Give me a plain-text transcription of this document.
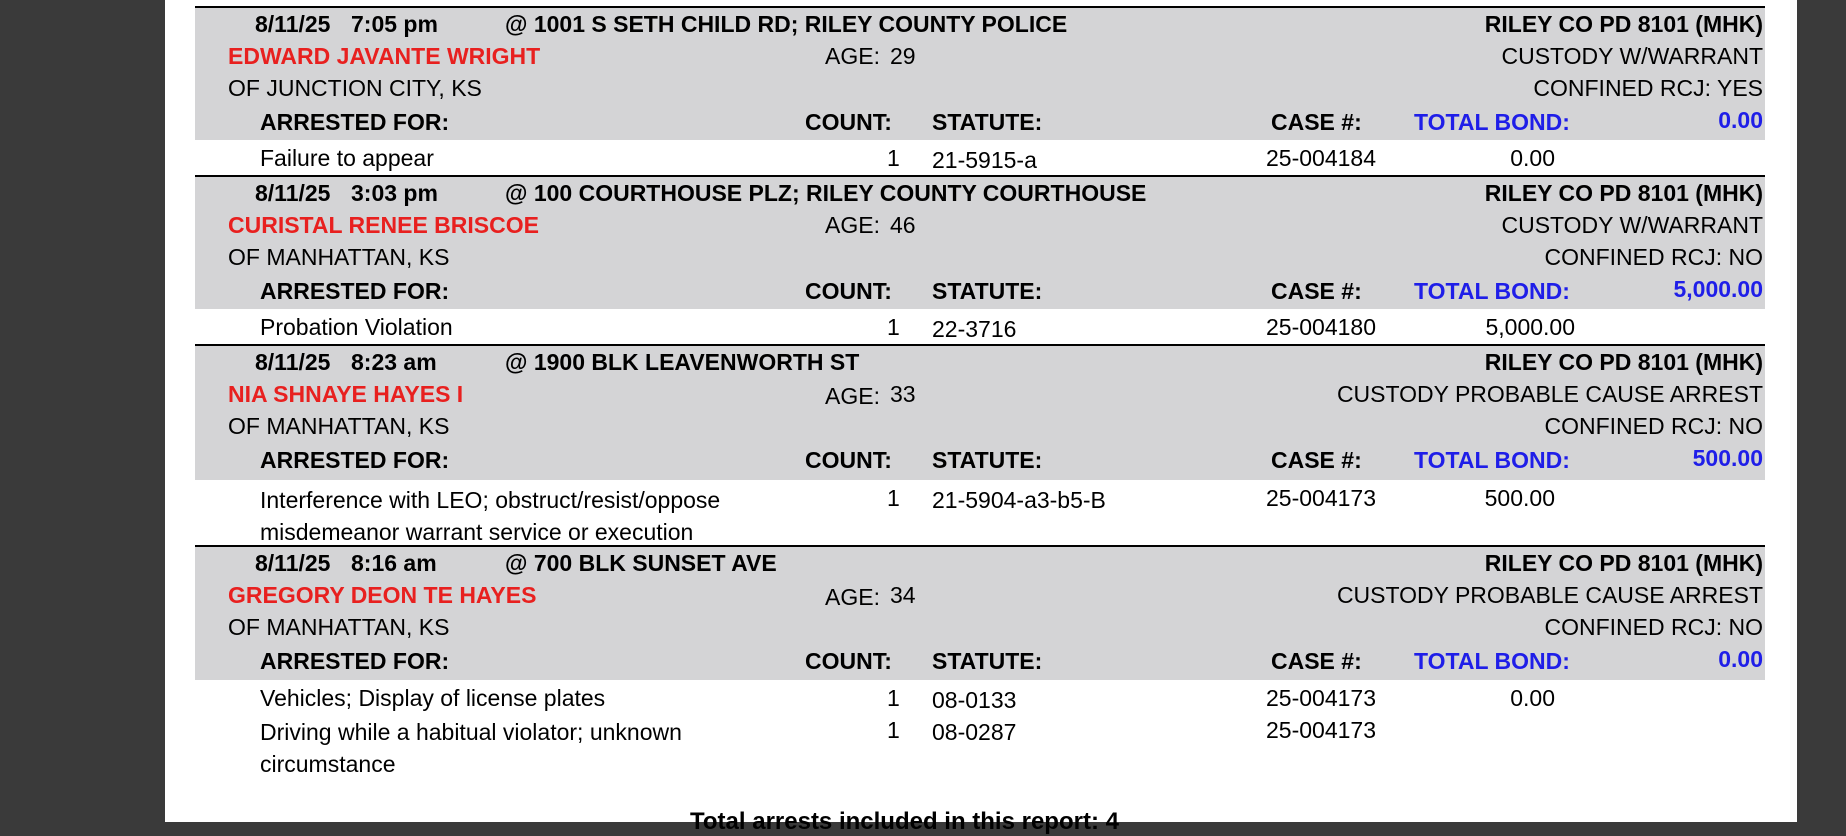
8/11/25 7:05 pm	@ 1001 S SETH CHILD RD; RILEY COUNTY POLICE	RILEY CO PD 8101 (MHK)
EDWARD JAVANTE WRIGHT	AGE: 29	CUSTODY W/WARRANT
OF JUNCTION CITY, KS	CONFINED RCJ: YES
ARRESTED FOR:	COUNT: STATUTE:	CASE #: TOTAL BOND:	0.00
Failure to appear	1 21-5915-a	25-004184	0.00
8/11/25 3:03 pm	@ 100 COURTHOUSE PLZ; RILEY COUNTY COURTHOUSE	RILEY CO PD 8101 (MHK)
CURISTAL RENEE BRISCOE	AGE: 46	CUSTODY W/WARRANT
OF MANHATTAN, KS	CONFINED RCJ: NO
ARRESTED FOR:	COUNT: STATUTE:	CASE #: TOTAL BOND:	5,000.00
Probation Violation	1 22-3716	25-004180	5,000.00
8/11/25 8:23 am	@ 1900 BLK LEAVENWORTH ST	RILEY CO PD 8101 (MHK)
NIA SHNAYE HAYES I	AGE: 33	CUSTODY PROBABLE CAUSE ARREST
OF MANHATTAN, KS	CONFINED RCJ: NO
ARRESTED FOR:	COUNT: STATUTE:	CASE #: TOTAL BOND:	500.00
Interference with LEO; obstruct/resist/oppose
misdemeanor warrant service or execution
1 21-5904-a3-b5-B	25-004173	500.00
8/11/25 8:16 am	@ 700 BLK SUNSET AVE	RILEY CO PD 8101 (MHK)
GREGORY DEON TE HAYES	AGE: 34	CUSTODY PROBABLE CAUSE ARREST
OF MANHATTAN, KS	CONFINED RCJ: NO
ARRESTED FOR:	COUNT: STATUTE:	CASE #: TOTAL BOND:	0.00
Vehicles; Display of license plates	1 08-0133	25-004173	0.00
Driving while a habitual violator; unknown
circumstance
1 08-0287	25-004173
Total arrests included in this report: 4
